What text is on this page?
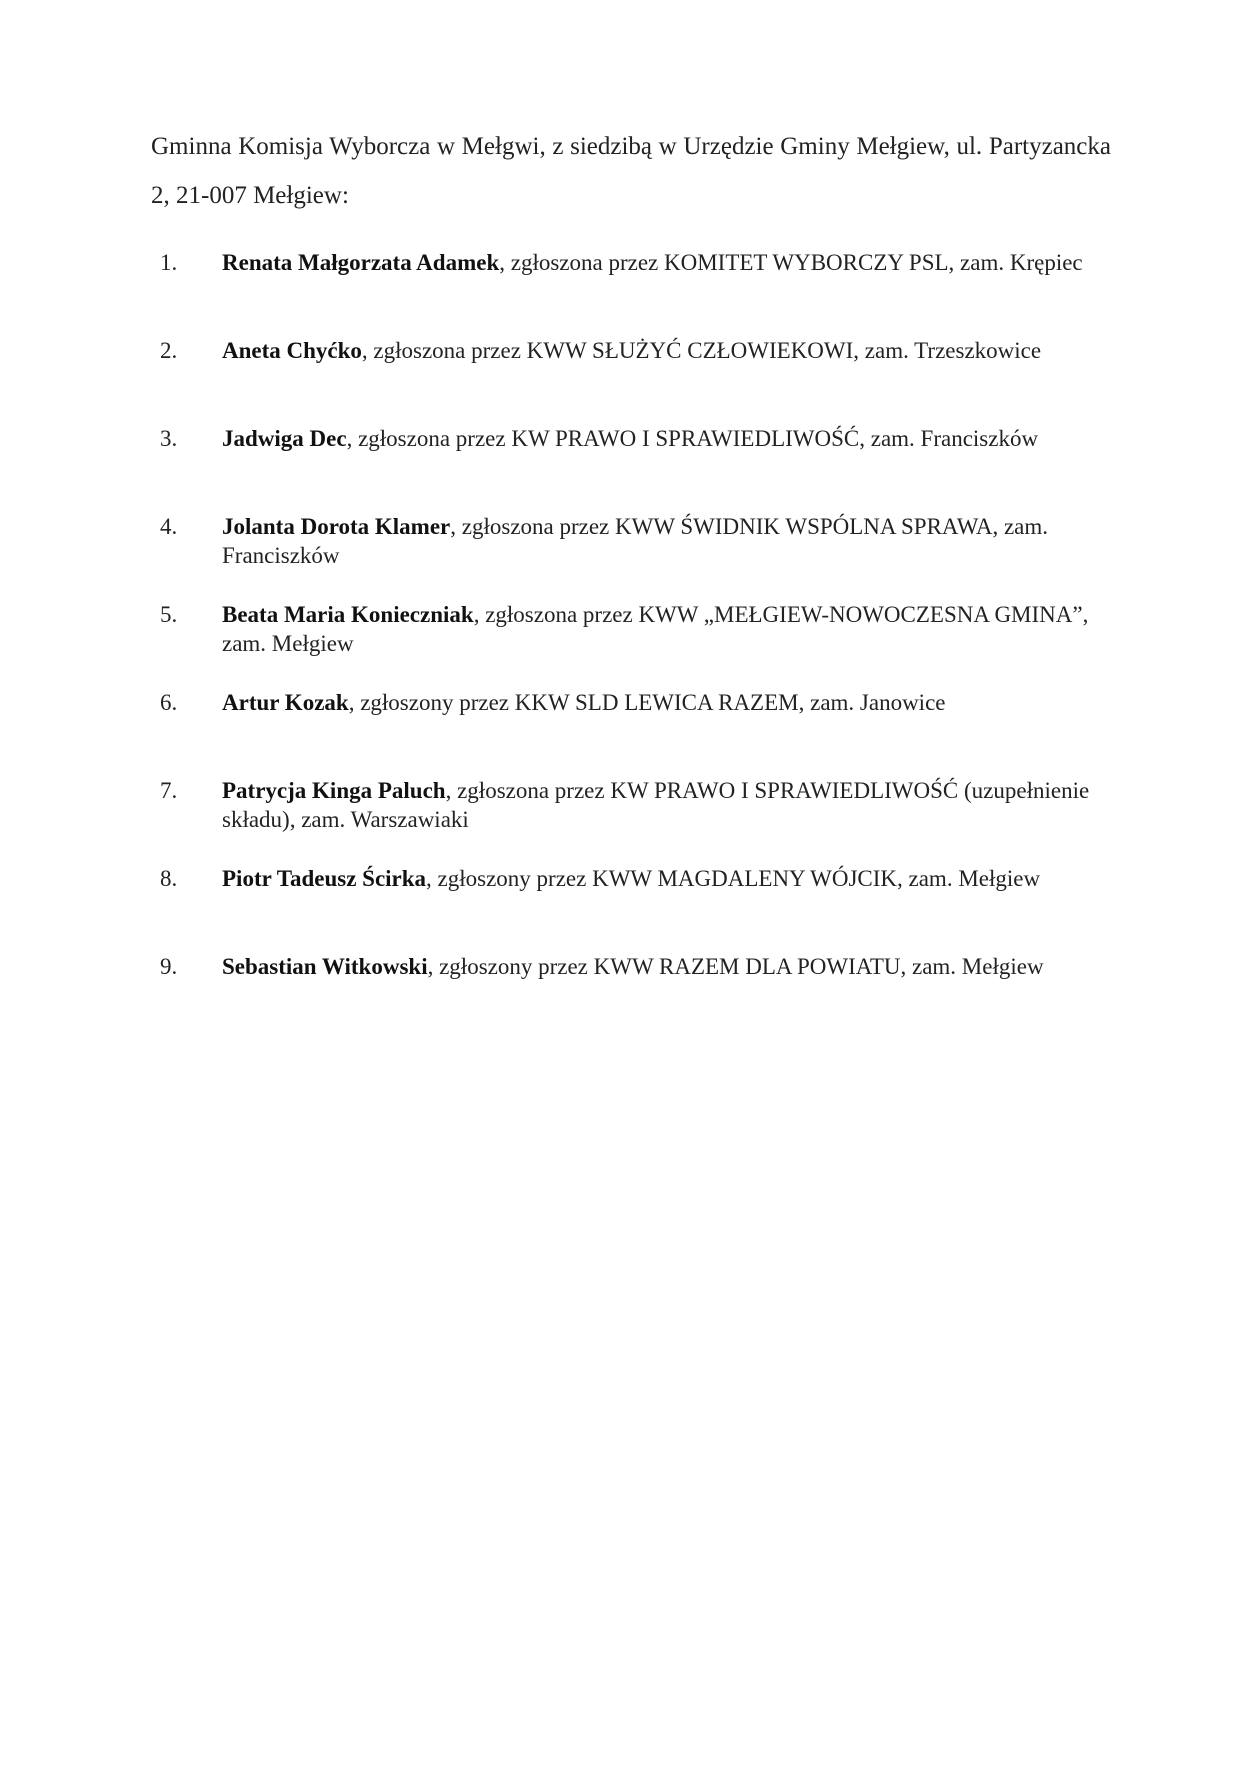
Gminna Komisja Wyborcza w Mełgwi, z siedzibą w Urzędzie Gminy Mełgiew, ul. Partyzancka 2, 21-007 Mełgiew:

1.	Renata Małgorzata Adamek, zgłoszona przez KOMITET WYBORCZY PSL, zam. Krępiec
2.	Aneta Chyćko, zgłoszona przez KWW SŁUŻYĆ CZŁOWIEKOWI, zam. Trzeszkowice
3.	Jadwiga Dec, zgłoszona przez KW PRAWO I SPRAWIEDLIWOŚĆ, zam. Franciszków
4.	Jolanta Dorota Klamer, zgłoszona przez KWW ŚWIDNIK WSPÓLNA SPRAWA, zam. Franciszków
5.	Beata Maria Konieczniak, zgłoszona przez KWW „MEŁGIEW-NOWOCZESNA GMINA”, zam. Mełgiew
6.	Artur Kozak, zgłoszony przez KKW SLD LEWICA RAZEM, zam. Janowice
7.	Patrycja Kinga Paluch, zgłoszona przez KW PRAWO I SPRAWIEDLIWOŚĆ (uzupełnienie składu), zam. Warszawiaki
8.	Piotr Tadeusz Ścirka, zgłoszony przez KWW MAGDALENY WÓJCIK, zam. Mełgiew
9.	Sebastian Witkowski, zgłoszony przez KWW RAZEM DLA POWIATU, zam. Mełgiew
